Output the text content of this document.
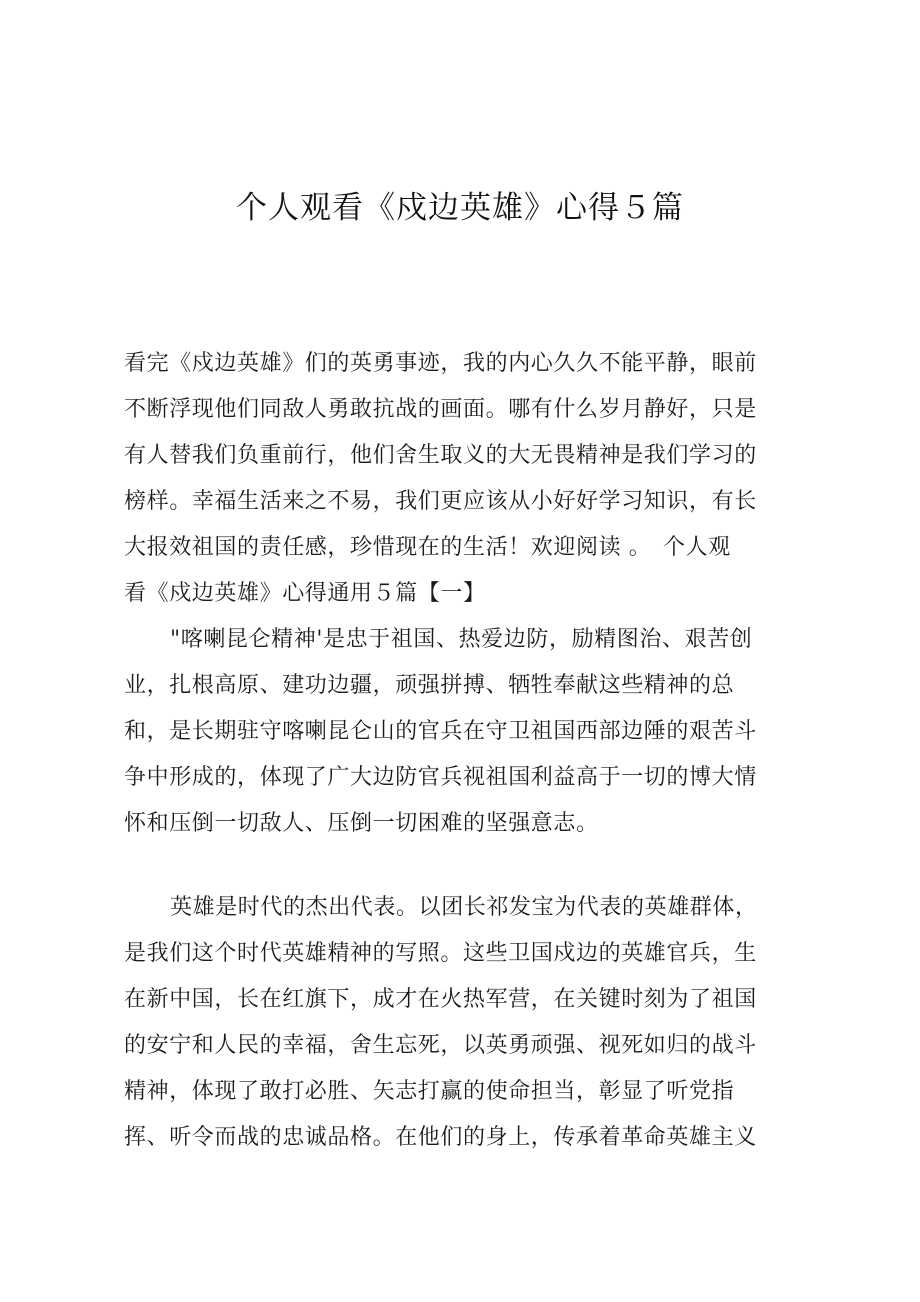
个人观看《戍边英雄》心得５篇
看完《戍边英雄》们的英勇事迹，我的内心久久不能平静，眼前
不断浮现他们同敌人勇敢抗战的画面。哪有什么岁月静好，只是
有人替我们负重前行，他们舍生取义的大无畏精神是我们学习的
榜样。幸福生活来之不易，我们更应该从小好好学习知识，有长
大报效祖国的责任感，珍惜现在的生活！欢迎阅读 。　个人观
看《戍边英雄》心得通用５篇【一】
"喀喇昆仑精神'是忠于祖国、热爱边防，励精图治、艰苦创
业，扎根高原、建功边疆，顽强拼搏、牺牲奉献这些精神的总
和，是长期驻守喀喇昆仑山的官兵在守卫祖国西部边陲的艰苦斗
争中形成的，体现了广大边防官兵视祖国利益高于一切的博大情
怀和压倒一切敌人、压倒一切困难的坚强意志。
英雄是时代的杰出代表。以团长祁发宝为代表的英雄群体，
是我们这个时代英雄精神的写照。这些卫国戍边的英雄官兵，生
在新中国，长在红旗下，成才在火热军营，在关键时刻为了祖国
的安宁和人民的幸福，舍生忘死，以英勇顽强、视死如归的战斗
精神，体现了敢打必胜、矢志打赢的使命担当，彰显了听党指
挥、听令而战的忠诚品格。在他们的身上，传承着革命英雄主义
